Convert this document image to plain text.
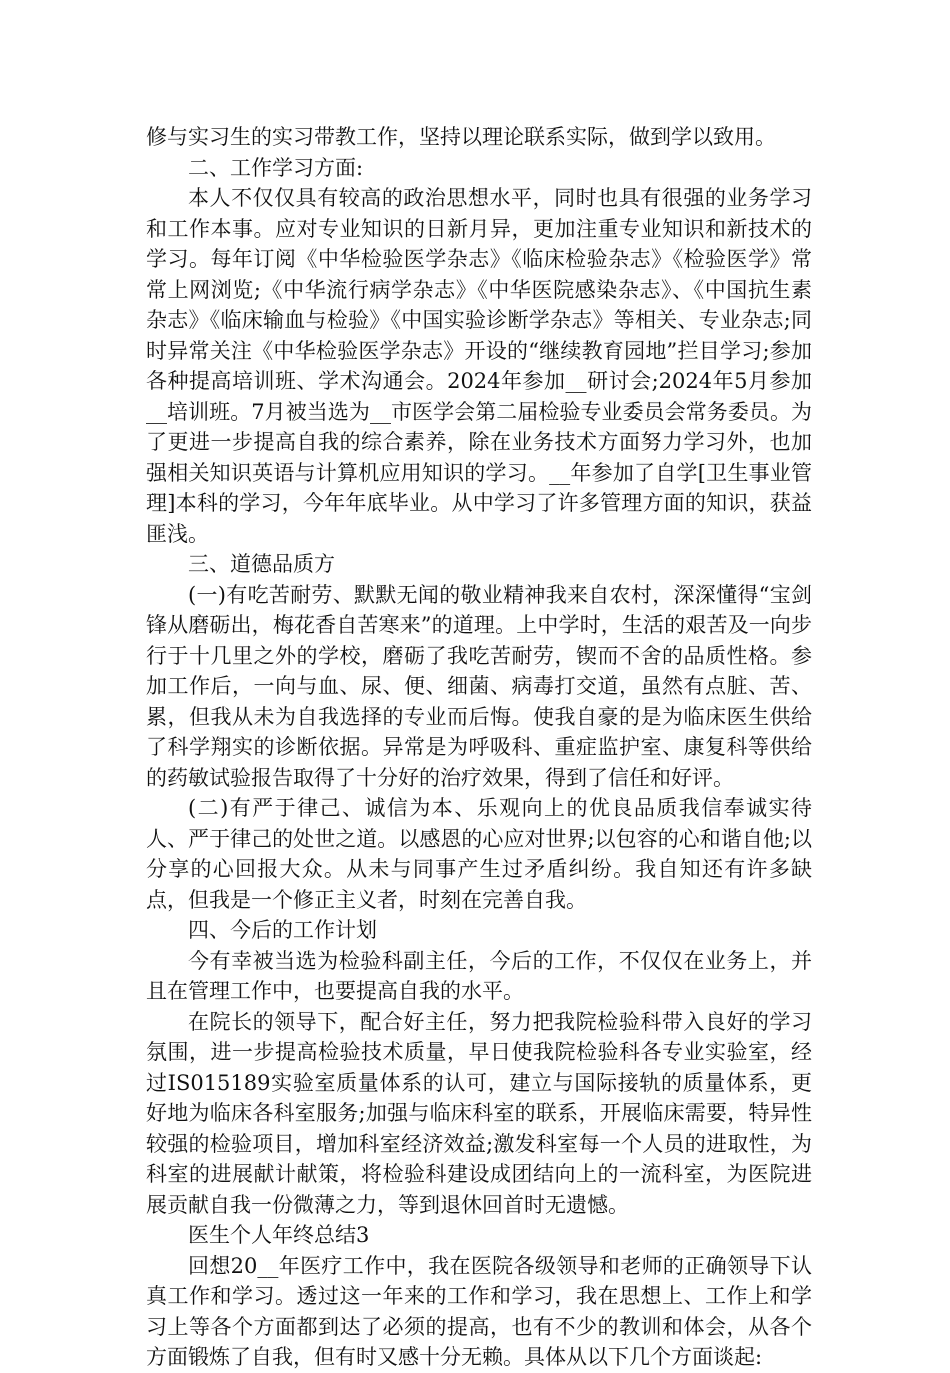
修与实习生的实习带教工作，坚持以理论联系实际，做到学以致用。

二、工作学习方面:

本人不仅仅具有较高的政治思想水平，同时也具有很强的业务学习和工作本事。应对专业知识的日新月异，更加注重专业知识和新技术的学习。每年订阅《中华检验医学杂志》《临床检验杂志》《检验医学》常常上网浏览;《中华流行病学杂志》《中华医院感染杂志》、《中国抗生素杂志》《临床输血与检验》《中国实验诊断学杂志》等相关、专业杂志;同时异常关注《中华检验医学杂志》开设的“继续教育园地”拦目学习;参加各种提高培训班、学术沟通会。2024年参加__研讨会;2024年5月参加__培训班。7月被当选为__市医学会第二届检验专业委员会常务委员。为了更进一步提高自我的综合素养，除在业务技术方面努力学习外，也加强相关知识英语与计算机应用知识的学习。__年参加了自学[卫生事业管理]本科的学习，今年年底毕业。从中学习了许多管理方面的知识，获益匪浅。

三、道德品质方

(一)有吃苦耐劳、默默无闻的敬业精神我来自农村，深深懂得“宝剑锋从磨砺出，梅花香自苦寒来”的道理。上中学时，生活的艰苦及一向步行于十几里之外的学校，磨砺了我吃苦耐劳，锲而不舍的品质性格。参加工作后，一向与血、尿、便、细菌、病毒打交道，虽然有点脏、苦、累，但我从未为自我选择的专业而后悔。使我自豪的是为临床医生供给了科学翔实的诊断依据。异常是为呼吸科、重症监护室、康复科等供给的药敏试验报告取得了十分好的治疗效果，得到了信任和好评。

(二)有严于律己、诚信为本、乐观向上的优良品质我信奉诚实待人、严于律己的处世之道。以感恩的心应对世界;以包容的心和谐自他;以分享的心回报大众。从未与同事产生过矛盾纠纷。我自知还有许多缺点，但我是一个修正主义者，时刻在完善自我。

四、今后的工作计划

今有幸被当选为检验科副主任，今后的工作，不仅仅在业务上，并且在管理工作中，也要提高自我的水平。

在院长的领导下，配合好主任，努力把我院检验科带入良好的学习氛围，进一步提高检验技术质量，早日使我院检验科各专业实验室，经过IS015189实验室质量体系的认可，建立与国际接轨的质量体系，更好地为临床各科室服务;加强与临床科室的联系，开展临床需要，特异性较强的检验项目，增加科室经济效益;激发科室每一个人员的进取性，为科室的进展献计献策，将检验科建设成团结向上的一流科室，为医院进展贡献自我一份微薄之力，等到退休回首时无遗憾。

医生个人年终总结3

回想20__年医疗工作中，我在医院各级领导和老师的正确领导下认真工作和学习。透过这一年来的工作和学习，我在思想上、工作上和学习上等各个方面都到达了必须的提高，也有不少的教训和体会，从各个方面锻炼了自我，但有时又感十分无赖。具体从以下几个方面谈起:
